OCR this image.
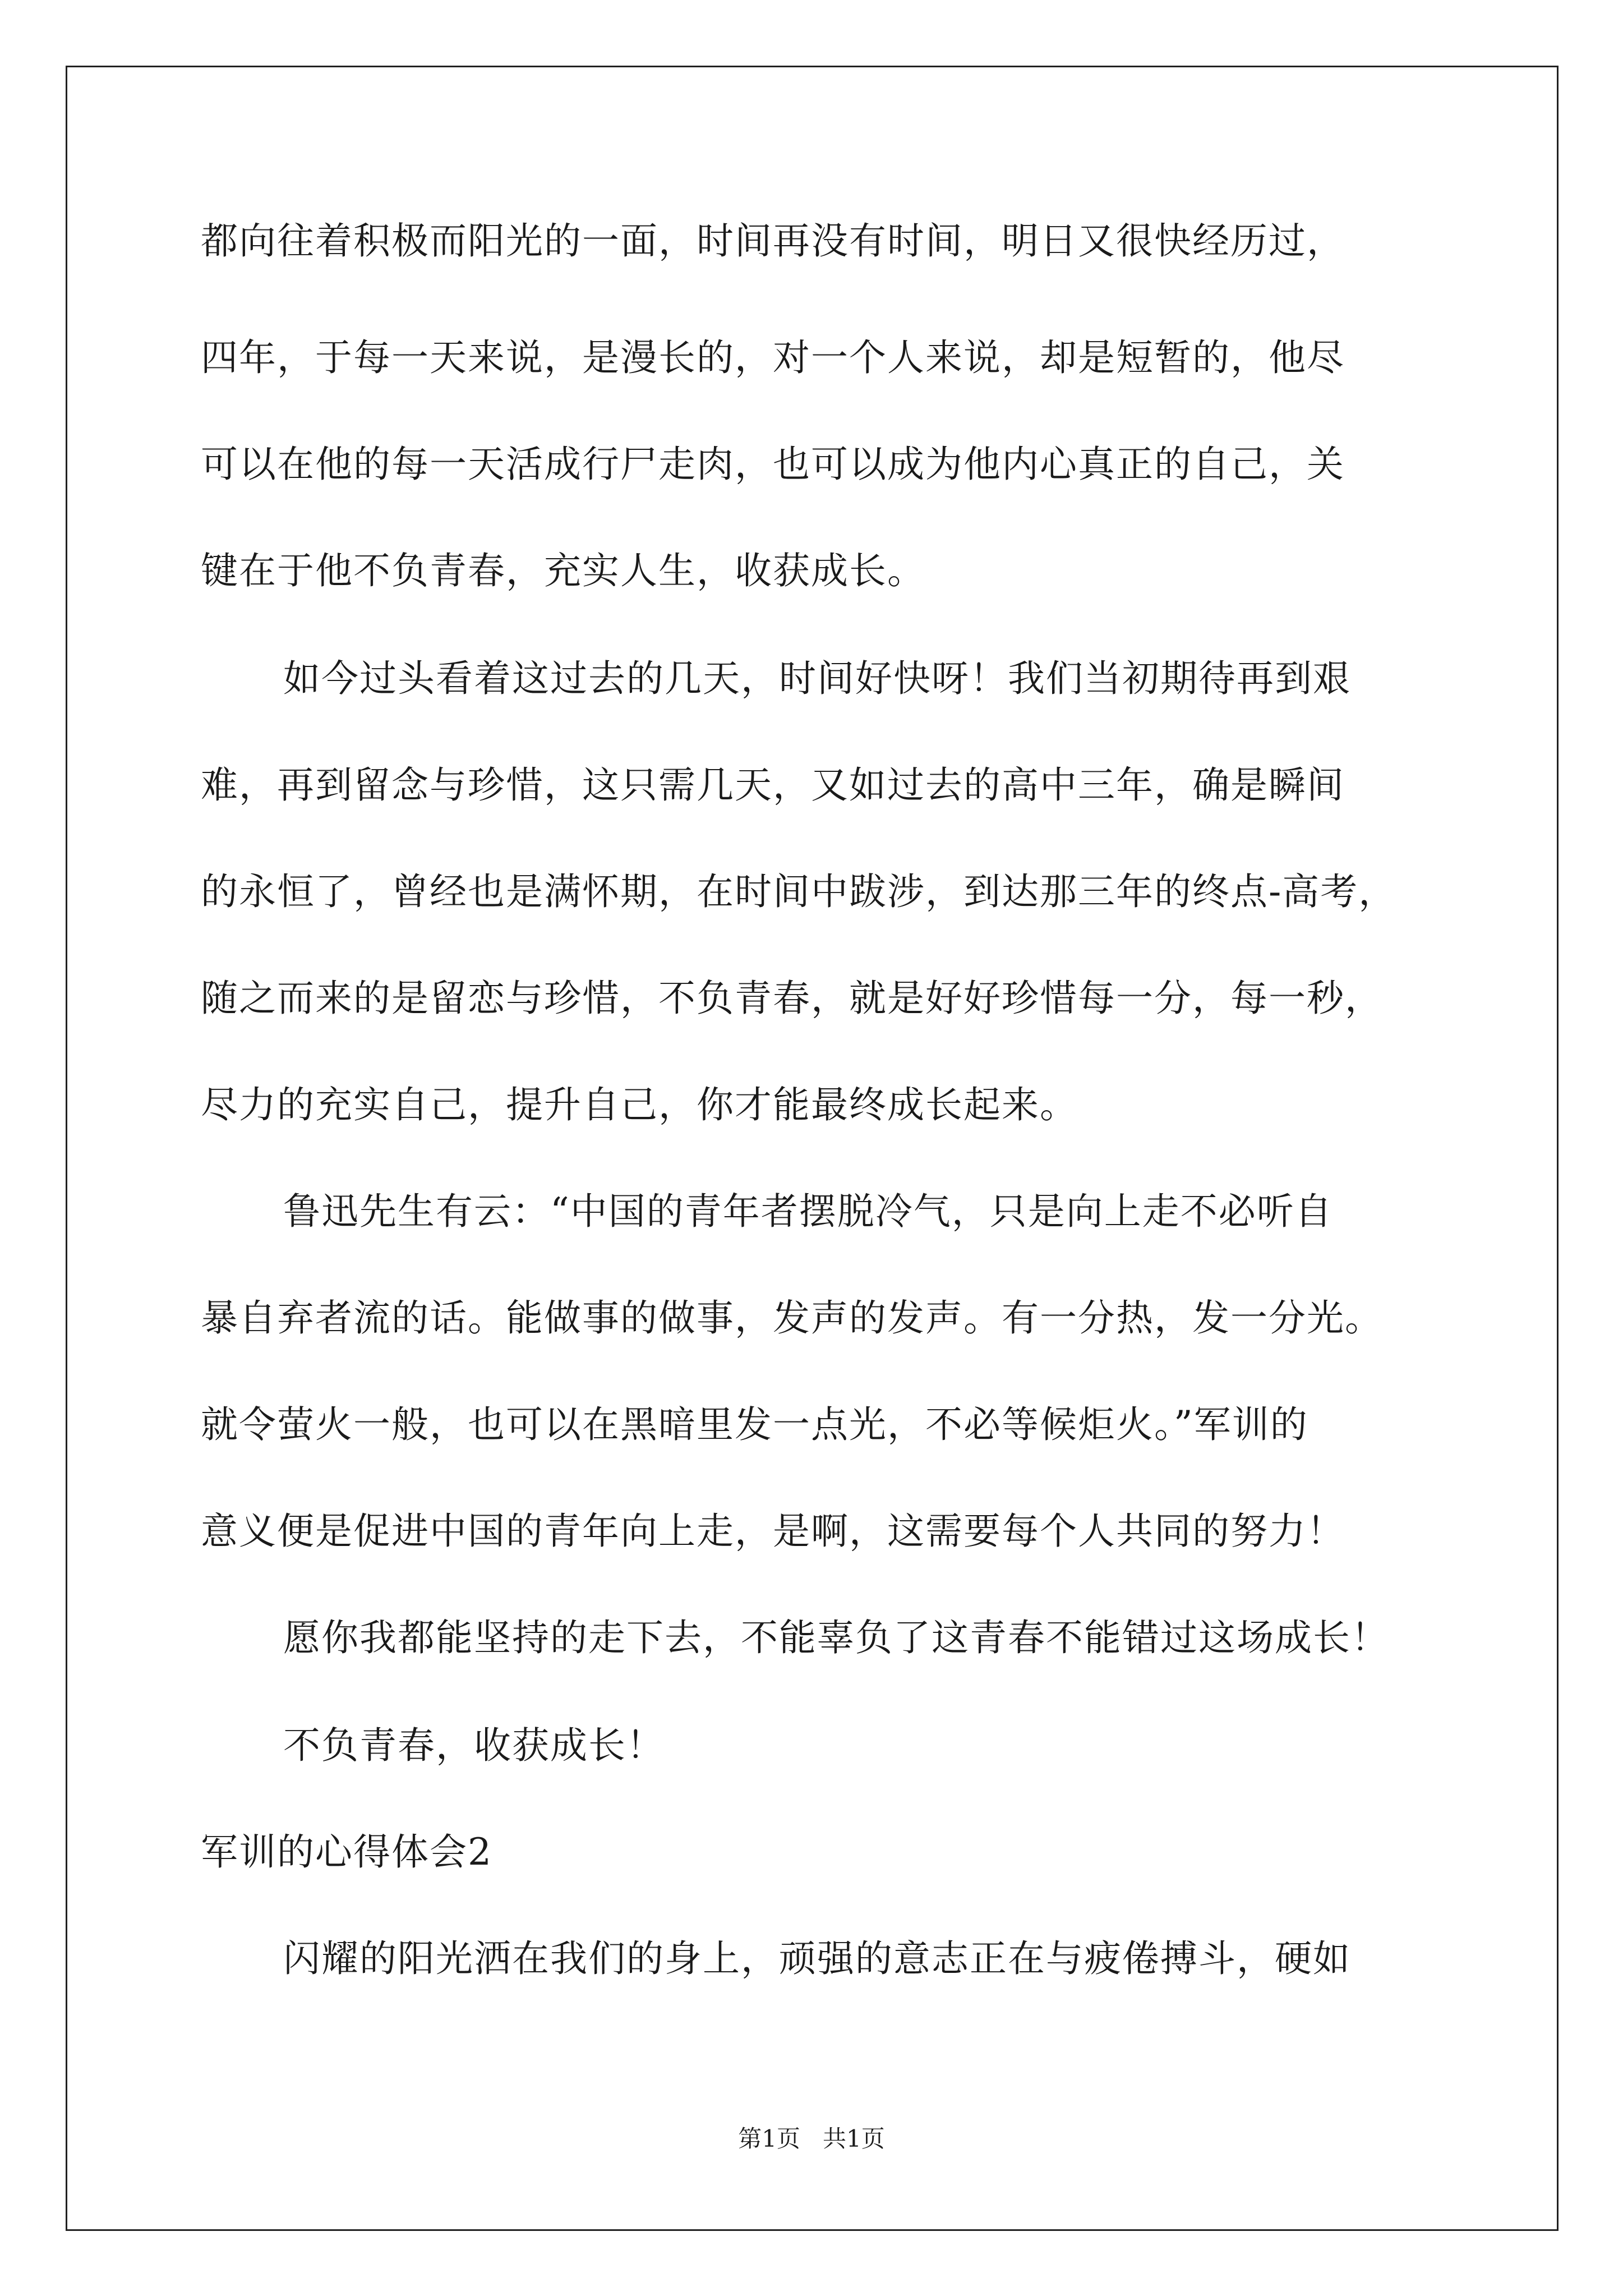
都向往着积极而阳光的一面，时间再没有时间，明日又很快经历过，
四年，于每一天来说，是漫长的，对一个人来说，却是短暂的，他尽
可以在他的每一天活成行尸走肉，也可以成为他内心真正的自己，关
键在于他不负青春，充实人生，收获成长。
如今过头看着这过去的几天，时间好快呀！我们当初期待再到艰
难，再到留念与珍惜，这只需几天，又如过去的高中三年，确是瞬间
的永恒了，曾经也是满怀期，在时间中跋涉，到达那三年的终点-高考，
随之而来的是留恋与珍惜，不负青春，就是好好珍惜每一分，每一秒，
尽力的充实自己，提升自己，你才能最终成长起来。
鲁迅先生有云：“中国的青年者摆脱冷气，只是向上走不必听自
暴自弃者流的话。能做事的做事，发声的发声。有一分热，发一分光。
就令萤火一般，也可以在黑暗里发一点光，不必等候炬火。”军训的
意义便是促进中国的青年向上走，是啊，这需要每个人共同的努力！
愿你我都能坚持的走下去，不能辜负了这青春不能错过这场成长！
不负青春，收获成长！
军训的心得体会2
闪耀的阳光洒在我们的身上，顽强的意志正在与疲倦搏斗，硬如
第1页   共1页
